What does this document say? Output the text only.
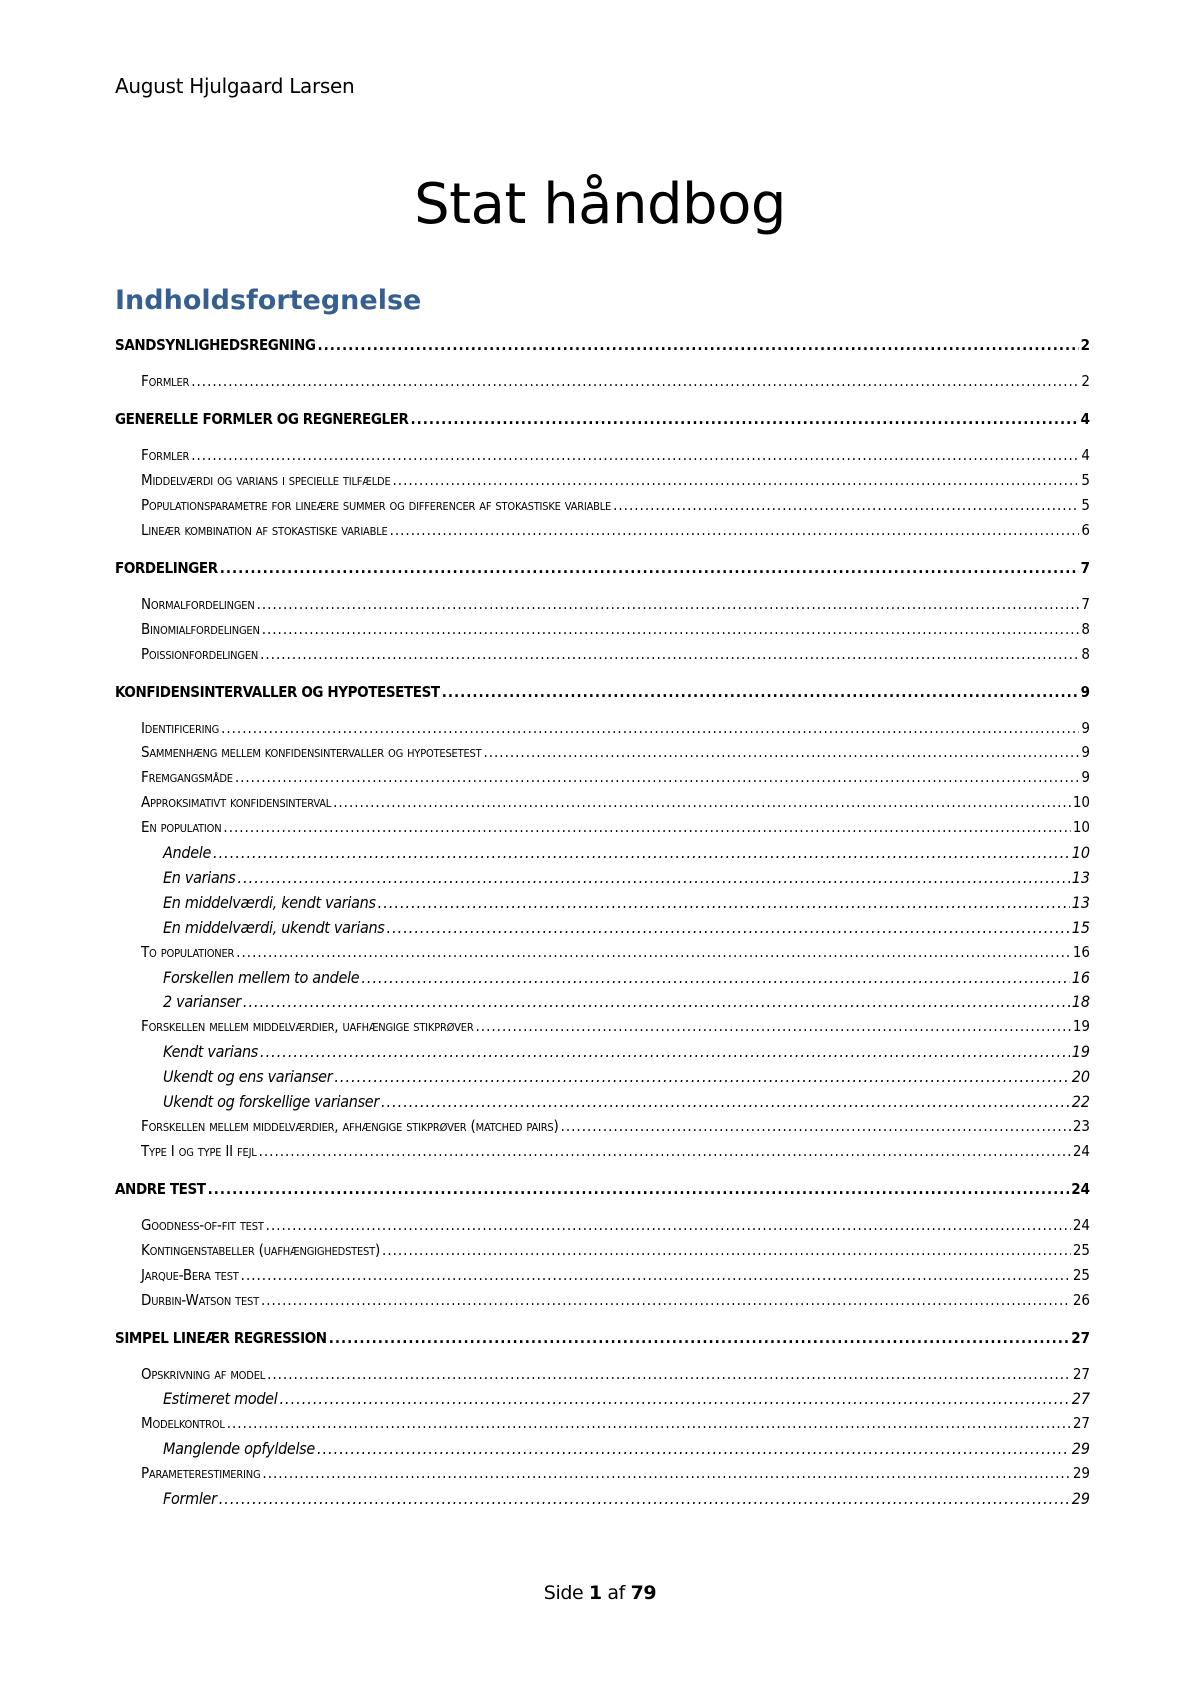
August Hjulgaard Larsen
Stat håndbog
Indholdsfortegnelse
SANDSYNLIGHEDSREGNING .....	2
Formler .....	2
GENERELLE FORMLER OG REGNEREGLER .....	4
Formler .....	4
Middelværdi og varians i specielle tilfælde .....	5
Populationsparametre for lineære summer og differencer af stokastiske variable .....	5
Lineær kombination af stokastiske variable .....	6
FORDELINGER .....	7
Normalfordelingen .....	7
Binomialfordelingen .....	8
Poissionfordelingen .....	8
KONFIDENSINTERVALLER OG HYPOTESETEST .....	9
Identificering .....	9
Sammenhæng mellem konfidensintervaller og hypotesetest .....	9
Fremgangsmåde .....	9
Approksimativt konfidensinterval .....	10
En population .....	10
Andele .....	10
En varians .....	13
En middelværdi, kendt varians .....	13
En middelværdi, ukendt varians .....	15
To populationer .....	16
Forskellen mellem to andele .....	16
2 varianser .....	18
Forskellen mellem middelværdier, uafhængige stikprøver .....	19
Kendt varians .....	19
Ukendt og ens varianser .....	20
Ukendt og forskellige varianser .....	22
Forskellen mellem middelværdier, afhængige stikprøver (matched pairs) .....	23
Type I og type II fejl .....	24
ANDRE TEST .....	24
Goodness-of-fit test .....	24
Kontingenstabeller (uafhængighedstest) .....	25
Jarque-Bera test .....	25
Durbin-Watson test .....	26
SIMPEL LINEÆR REGRESSION .....	27
Opskrivning af model .....	27
Estimeret model .....	27
Modelkontrol .....	27
Manglende opfyldelse .....	29
Parameterestimering .....	29
Formler .....	29
Side 1 af 79
